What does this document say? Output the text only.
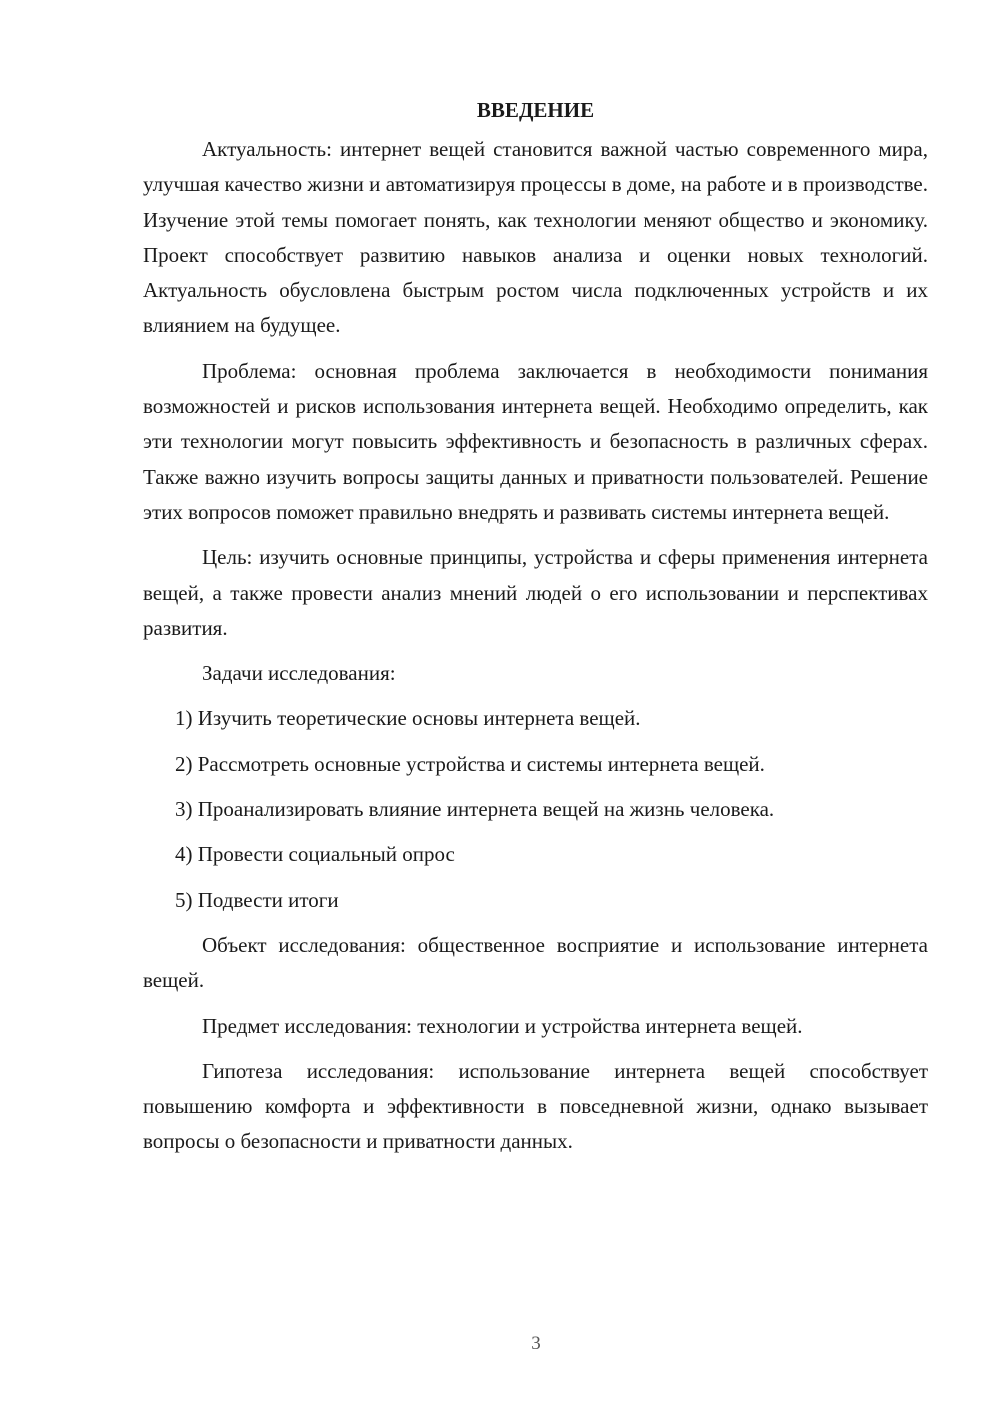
ВВЕДЕНИЕ

Актуальность: интернет вещей становится важной частью современного мира, улучшая качество жизни и автоматизируя процессы в доме, на работе и в производстве. Изучение этой темы помогает понять, как технологии меняют общество и экономику. Проект способствует развитию навыков анализа и оценки новых технологий. Актуальность обусловлена быстрым ростом числа подключенных устройств и их влиянием на будущее.

Проблема: основная проблема заключается в необходимости понимания возможностей и рисков использования интернета вещей. Необходимо определить, как эти технологии могут повысить эффективность и безопасность в различных сферах. Также важно изучить вопросы защиты данных и приватности пользователей. Решение этих вопросов поможет правильно внедрять и развивать системы интернета вещей.

Цель: изучить основные принципы, устройства и сферы применения интернета вещей, а также провести анализ мнений людей о его использовании и перспективах развития.

Задачи исследования:

1) Изучить теоретические основы интернета вещей.

2) Рассмотреть основные устройства и системы интернета вещей.

3) Проанализировать влияние интернета вещей на жизнь человека.

4) Провести социальный опрос

5) Подвести итоги

Объект исследования: общественное восприятие и использование интернета вещей.

Предмет исследования: технологии и устройства интернета вещей.

Гипотеза исследования: использование интернета вещей способствует повышению комфорта и эффективности в повседневной жизни, однако вызывает вопросы о безопасности и приватности данных.

3
